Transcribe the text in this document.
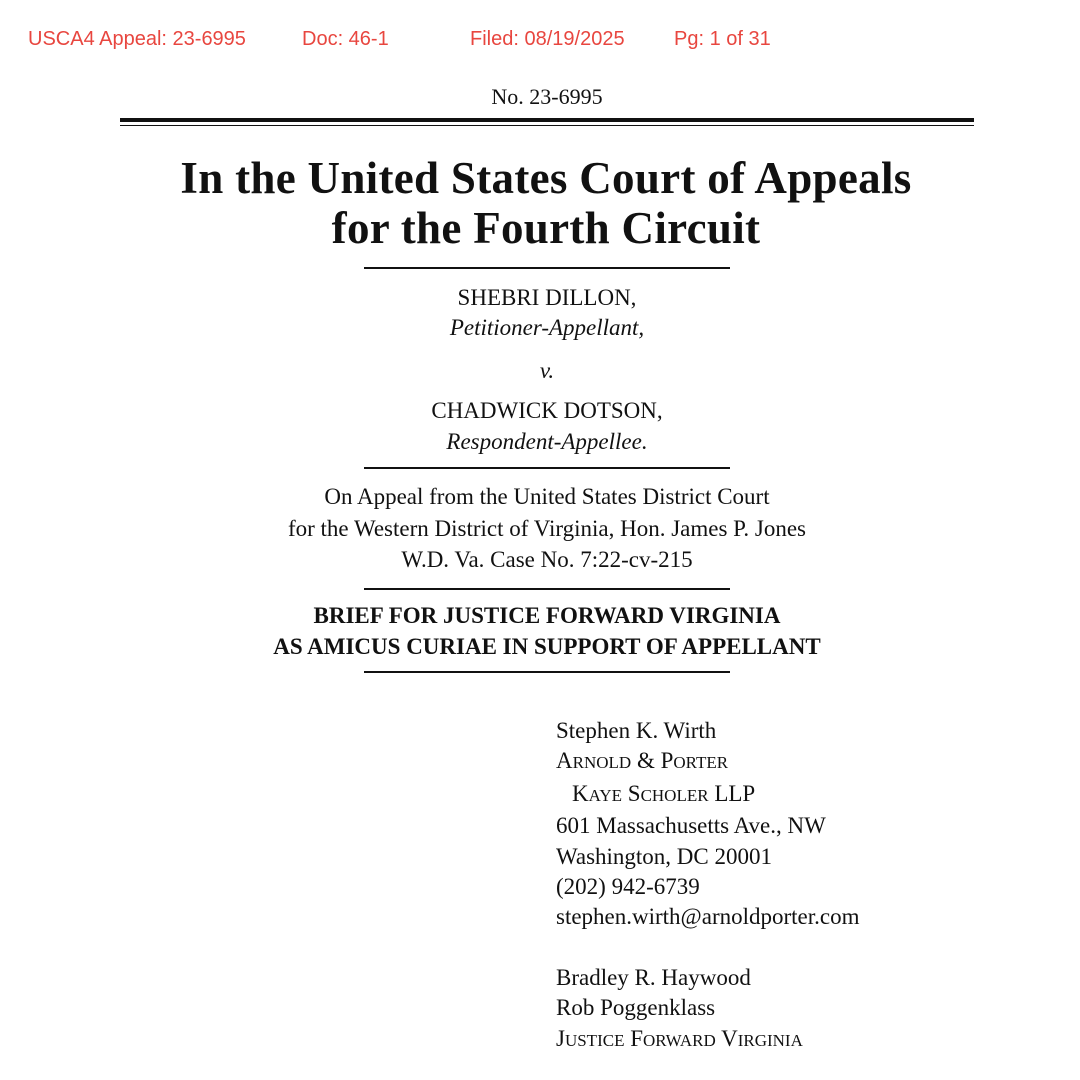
USCA4 Appeal: 23-6995	Doc: 46-1	Filed: 08/19/2025 Pg: 1 of 31
No. 23-6995
In the United States Court of Appeals
for the Fourth Circuit
SHEBRI DILLON,
Petitioner-Appellant,
v.
CHADWICK DOTSON,
Respondent-Appellee.
On Appeal from the United States District Court
for the Western District of Virginia, Hon. James P. Jones
W.D. Va. Case No. 7:22-cv-215
BRIEF FOR JUSTICE FORWARD VIRGINIA
AS AMICUS CURIAE IN SUPPORT OF APPELLANT
Stephen K. Wirth
ARNOLD & PORTER
KAYE SCHOLER LLP
601 Massachusetts Ave., NW
Washington, DC 20001
(202) 942-6739
stephen.wirth@arnoldporter.com
Bradley R. Haywood
Rob Poggenklass
JUSTICE FORWARD VIRGINIA
